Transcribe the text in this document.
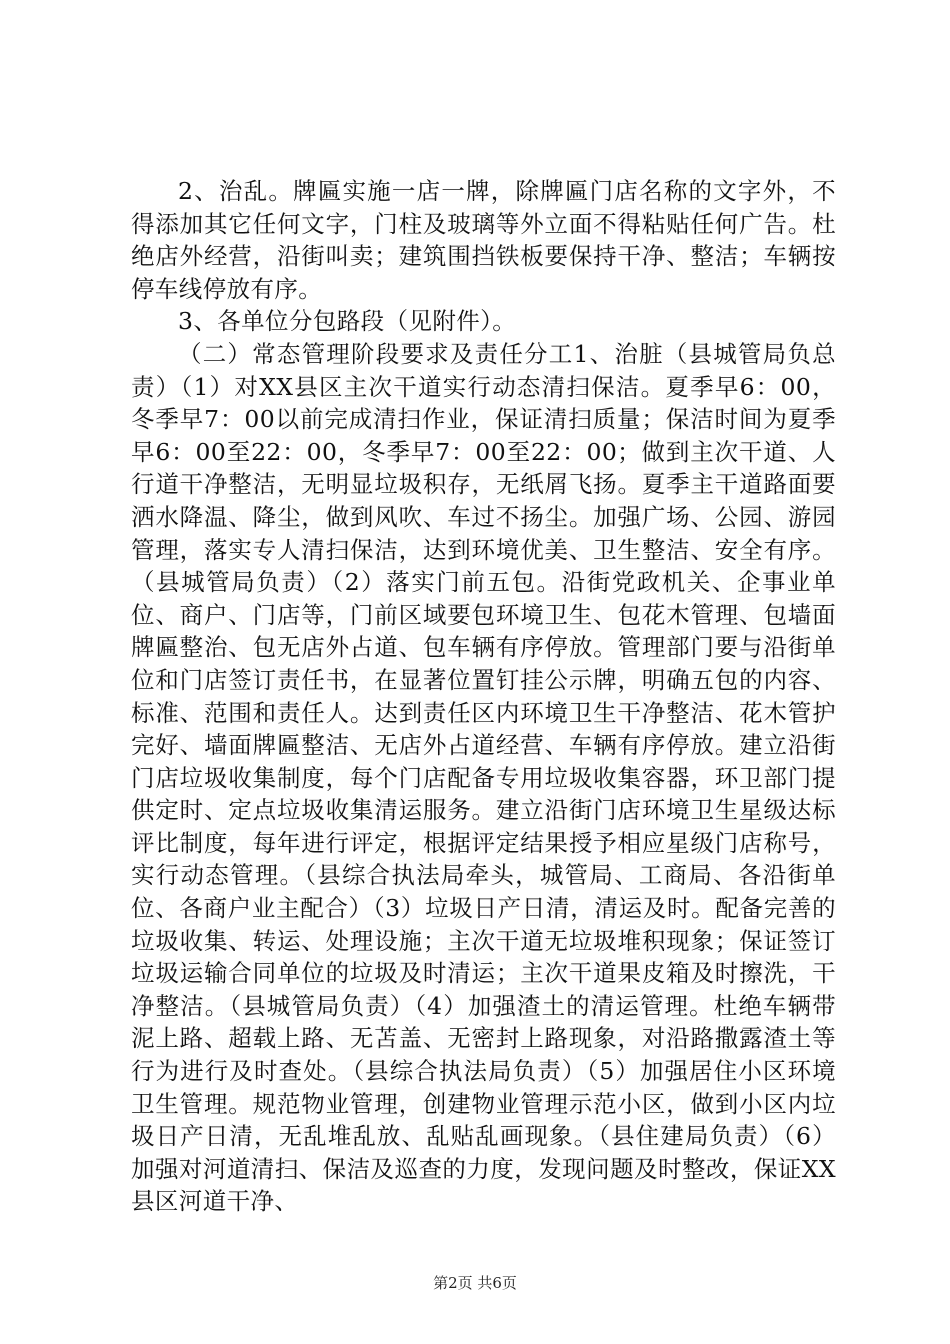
2、治乱。牌匾实施一店一牌，除牌匾门店名称的文字外，不得添加其它任何文字，门柱及玻璃等外立面不得粘贴任何广告。杜绝店外经营，沿街叫卖；建筑围挡铁板要保持干净、整洁；车辆按停车线停放有序。

3、各单位分包路段（见附件）。

（二）常态管理阶段要求及责任分工1、治脏（县城管局负总责）（1）对XX县区主次干道实行动态清扫保洁。夏季早6：00，冬季早7：00以前完成清扫作业，保证清扫质量；保洁时间为夏季早6：00至22：00，冬季早7：00至22：00；做到主次干道、人行道干净整洁，无明显垃圾积存，无纸屑飞扬。夏季主干道路面要洒水降温、降尘，做到风吹、车过不扬尘。加强广场、公园、游园管理，落实专人清扫保洁，达到环境优美、卫生整洁、安全有序。（县城管局负责）（2）落实门前五包。沿街党政机关、企事业单位、商户、门店等，门前区域要包环境卫生、包花木管理、包墙面牌匾整治、包无店外占道、包车辆有序停放。管理部门要与沿街单位和门店签订责任书，在显著位置钉挂公示牌，明确五包的内容、标准、范围和责任人。达到责任区内环境卫生干净整洁、花木管护完好、墙面牌匾整洁、无店外占道经营、车辆有序停放。建立沿街门店垃圾收集制度，每个门店配备专用垃圾收集容器，环卫部门提供定时、定点垃圾收集清运服务。建立沿街门店环境卫生星级达标评比制度，每年进行评定，根据评定结果授予相应星级门店称号，实行动态管理。（县综合执法局牵头，城管局、工商局、各沿街单位、各商户业主配合）（3）垃圾日产日清，清运及时。配备完善的垃圾收集、转运、处理设施；主次干道无垃圾堆积现象；保证签订垃圾运输合同单位的垃圾及时清运；主次干道果皮箱及时擦洗，干净整洁。（县城管局负责）（4）加强渣土的清运管理。杜绝车辆带泥上路、超载上路、无苫盖、无密封上路现象，对沿路撒露渣土等行为进行及时查处。（县综合执法局负责）（5）加强居住小区环境卫生管理。规范物业管理，创建物业管理示范小区，做到小区内垃圾日产日清，无乱堆乱放、乱贴乱画现象。（县住建局负责）（6）加强对河道清扫、保洁及巡查的力度，发现问题及时整改，保证XX县区河道干净、

第2页 共6页
